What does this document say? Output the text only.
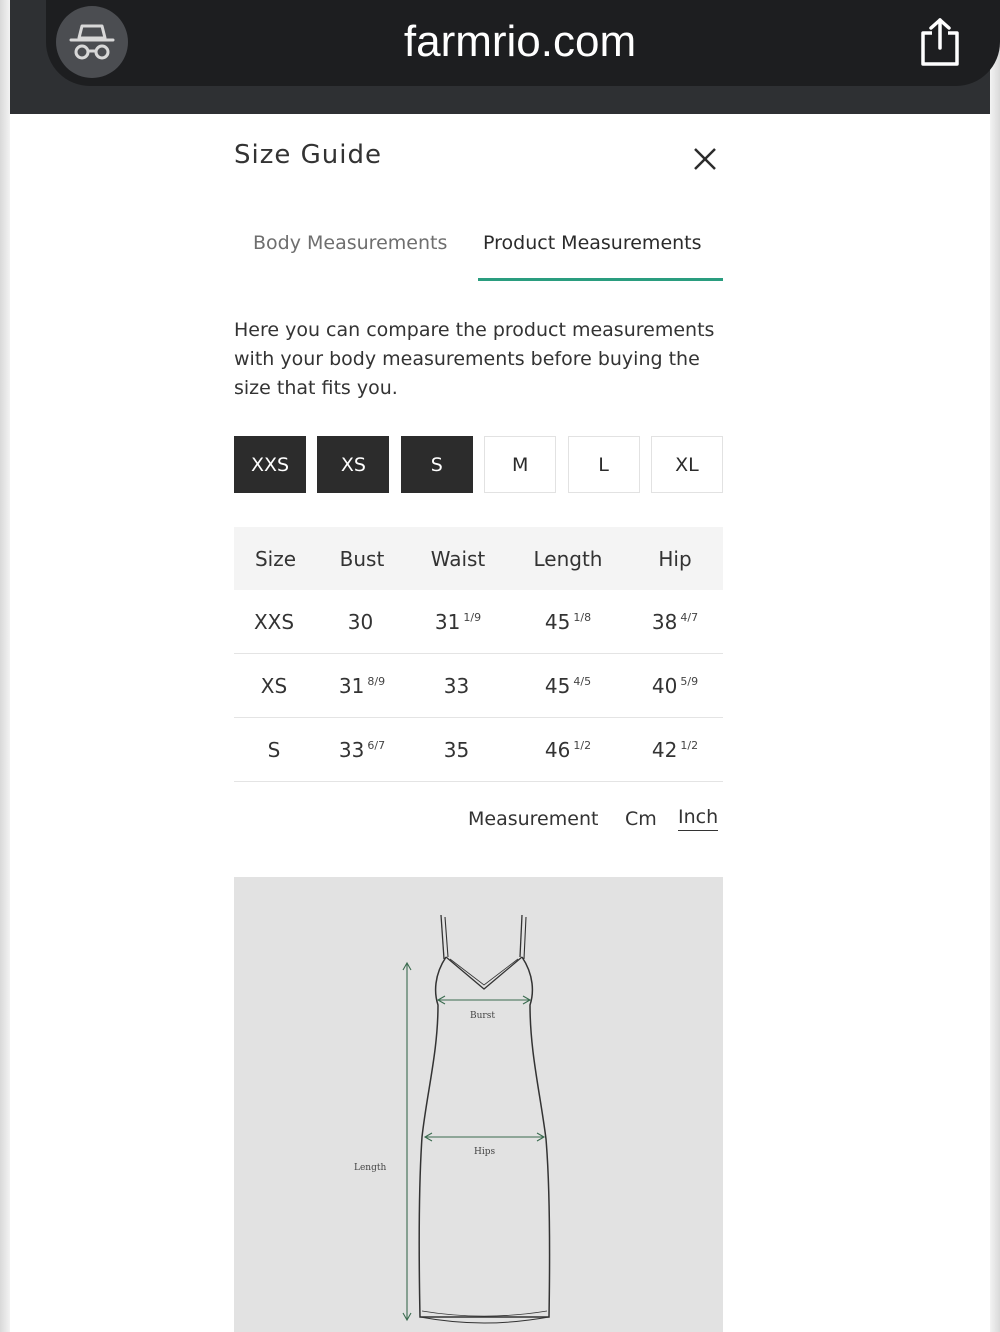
farmrio.com
Size Guide
Body Measurements Product Measurements
Here you can compare the product measurements with your body measurements before buying the size that fits you.
XXS	XS	S	M	L	XL
Size	Bust	Waist	Length	Hip
XXS	30	31 $^{1/9}$	45 $^{1/8}$	38 $^{4/7}$
XS	31 $^{8/9}$	33	45 $^{4/5}$	40 $^{5/9}$
S	33 $^{6/7}$	35	46 $^{1/2}$	42 $^{1/2}$
Measurement Cm Inch
Burst
Hips
Length
